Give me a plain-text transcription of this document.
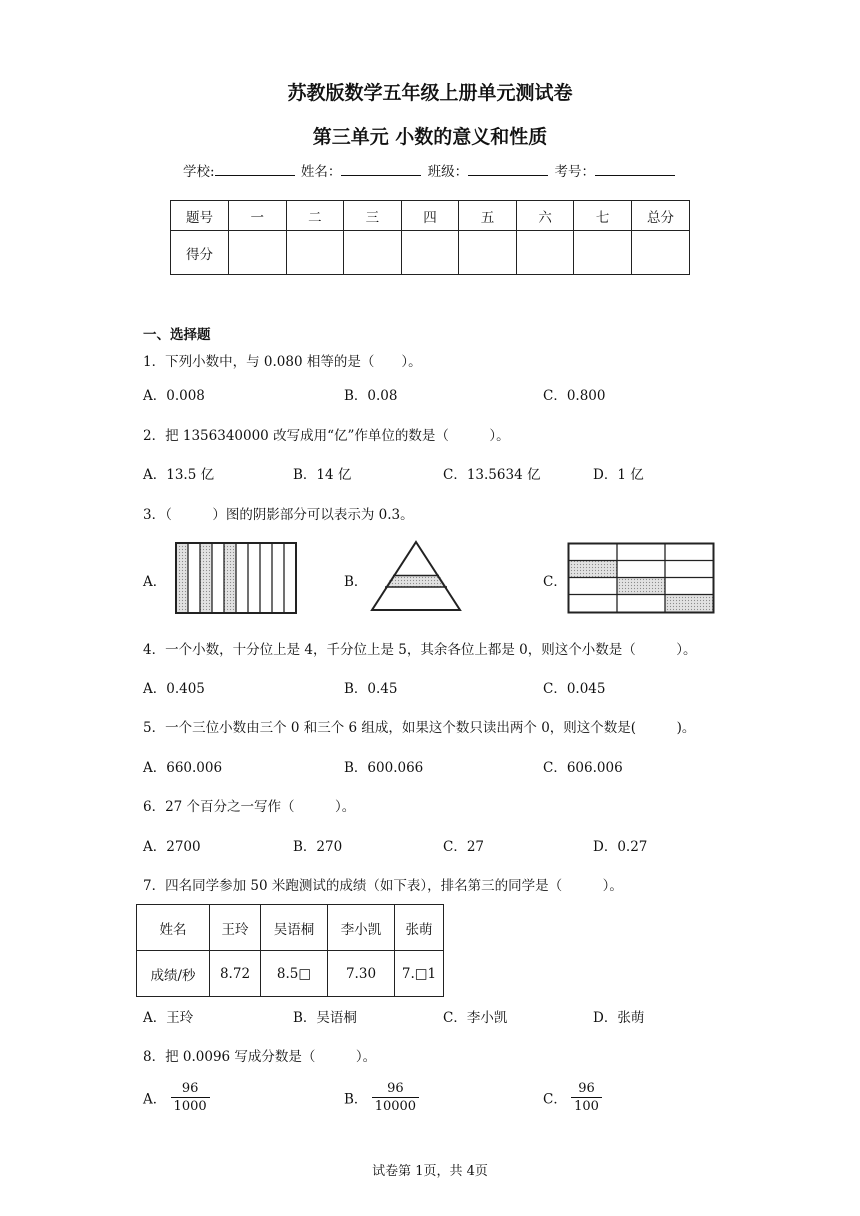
苏教版数学五年级上册单元测试卷
第三单元 小数的意义和性质
学校:	姓名：	班级：	考号：
题号	一	二	三	四	五	六	七	总分
得分								
一、选择题
1．下列小数中，与 0.080 相等的是（　　）。
A．0.008	B．0.08	C．0.800
2．把 1356340000 改写成用“亿”作单位的数是（　　　）。
A．13.5 亿	B．14 亿	C．13.5634 亿	D．1 亿
3．（　　　）图的阴影部分可以表示为 0.3。
A．	B．	C．
4．一个小数，十分位上是 4，千分位上是 5，其余各位上都是 0，则这个小数是（　　　）。
A．0.405	B．0.45	C．0.045
5．一个三位小数由三个 0 和三个 6 组成，如果这个数只读出两个 0，则这个数是(　　　)。
A．660.006	B．600.066	C．606.006
6．27 个百分之一写作（　　　）。
A．2700	B．270	C．27	D．0.27
7．四名同学参加 50 米跑测试的成绩（如下表），排名第三的同学是（　　　）。
姓名	王玲	吴语桐	李小凯	张萌
成绩/秒	8.72	8.5□	7.30	7.□1
A．王玲	B．吴语桐	C．李小凯	D．张萌
8．把 0.0096 写成分数是（　　　）。
A． $\frac{96}{1000}$	B． $\frac{96}{10000}$	C． $\frac{96}{100}$
试卷第 1页，共 4页
